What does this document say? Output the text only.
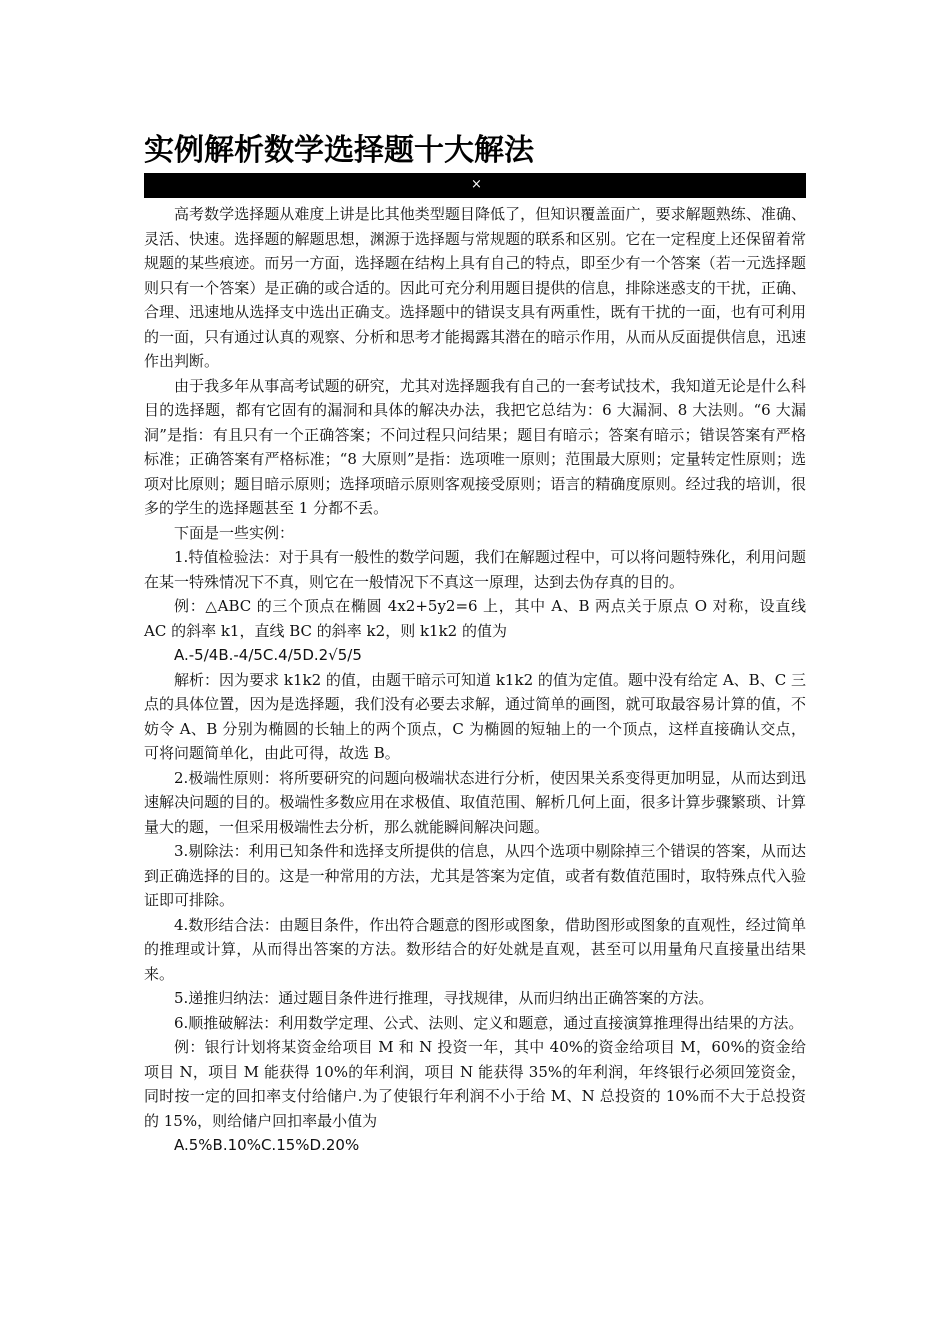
实例解析数学选择题十大解法
×

高考数学选择题从难度上讲是比其他类型题目降低了，但知识覆盖面广，要求解题熟练、准确、灵活、快速。选择题的解题思想，渊源于选择题与常规题的联系和区别。它在一定程度上还保留着常规题的某些痕迹。而另一方面，选择题在结构上具有自己的特点，即至少有一个答案（若一元选择题则只有一个答案）是正确的或合适的。因此可充分利用题目提供的信息，排除迷惑支的干扰，正确、合理、迅速地从选择支中选出正确支。选择题中的错误支具有两重性，既有干扰的一面，也有可利用的一面，只有通过认真的观察、分析和思考才能揭露其潜在的暗示作用，从而从反面提供信息，迅速作出判断。

由于我多年从事高考试题的研究，尤其对选择题我有自己的一套考试技术，我知道无论是什么科目的选择题，都有它固有的漏洞和具体的解决办法，我把它总结为：6 大漏洞、8 大法则。“6 大漏洞”是指：有且只有一个正确答案；不问过程只问结果；题目有暗示；答案有暗示；错误答案有严格标准；正确答案有严格标准；“8 大原则”是指：选项唯一原则；范围最大原则；定量转定性原则；选项对比原则；题目暗示原则；选择项暗示原则客观接受原则；语言的精确度原则。经过我的培训，很多的学生的选择题甚至 1 分都不丢。

下面是一些实例：

1.特值检验法：对于具有一般性的数学问题，我们在解题过程中，可以将问题特殊化，利用问题在某一特殊情况下不真，则它在一般情况下不真这一原理，达到去伪存真的目的。

例：△ABC 的三个顶点在椭圆 4x2+5y2=6 上，其中 A、B 两点关于原点 O 对称，设直线 AC 的斜率 k1，直线 BC 的斜率 k2，则 k1k2 的值为

A.-5/4B.-4/5C.4/5D.2√5/5

解析：因为要求 k1k2 的值，由题干暗示可知道 k1k2 的值为定值。题中没有给定 A、B、C 三点的具体位置，因为是选择题，我们没有必要去求解，通过简单的画图，就可取最容易计算的值，不妨令 A、B 分别为椭圆的长轴上的两个顶点，C 为椭圆的短轴上的一个顶点，这样直接确认交点，可将问题简单化，由此可得，故选 B。

2.极端性原则：将所要研究的问题向极端状态进行分析，使因果关系变得更加明显，从而达到迅速解决问题的目的。极端性多数应用在求极值、取值范围、解析几何上面，很多计算步骤繁琐、计算量大的题，一但采用极端性去分析，那么就能瞬间解决问题。

3.剔除法：利用已知条件和选择支所提供的信息，从四个选项中剔除掉三个错误的答案，从而达到正确选择的目的。这是一种常用的方法，尤其是答案为定值，或者有数值范围时，取特殊点代入验证即可排除。

4.数形结合法：由题目条件，作出符合题意的图形或图象，借助图形或图象的直观性，经过简单的推理或计算，从而得出答案的方法。数形结合的好处就是直观，甚至可以用量角尺直接量出结果来。

5.递推归纳法：通过题目条件进行推理，寻找规律，从而归纳出正确答案的方法。

6.顺推破解法：利用数学定理、公式、法则、定义和题意，通过直接演算推理得出结果的方法。

例：银行计划将某资金给项目 M 和 N 投资一年，其中 40%的资金给项目 M，60%的资金给项目 N，项目 M 能获得 10%的年利润，项目 N 能获得 35%的年利润，年终银行必须回笼资金，同时按一定的回扣率支付给储户.为了使银行年利润不小于给 M、N 总投资的 10%而不大于总投资的 15%，则给储户回扣率最小值为

A.5%B.10%C.15%D.20%
